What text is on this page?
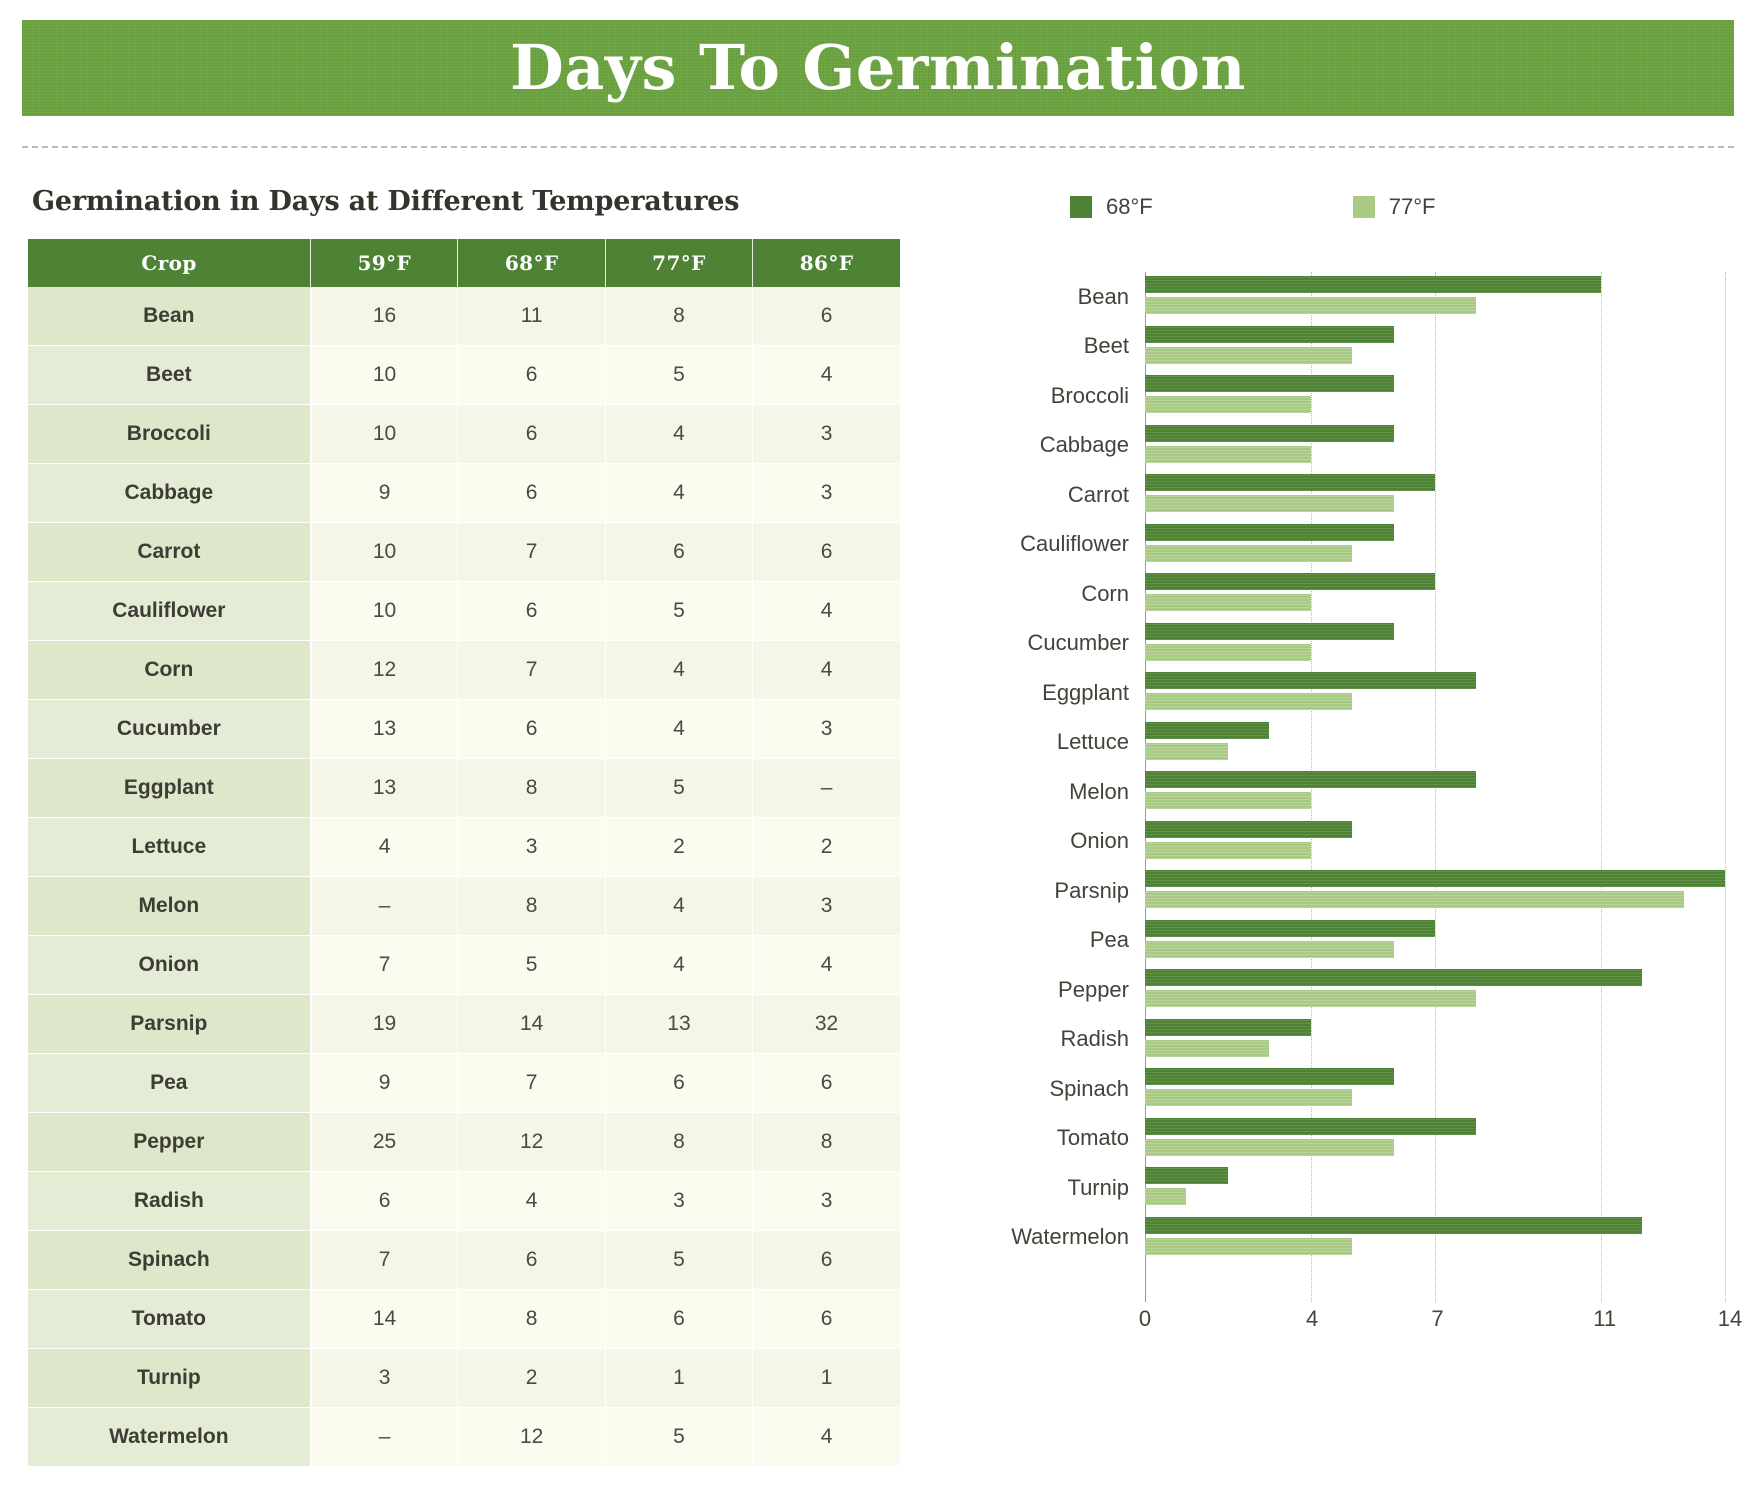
Days To Germination
Germination in Days at Different Temperatures
Crop	59°F	68°F	77°F	86°F
Bean	16	11	8	6
Beet	10	6	5	4
Broccoli	10	6	4	3
Cabbage	9	6	4	3
Carrot	10	7	6	6
Cauliflower	10	6	5	4
Corn	12	7	4	4
Cucumber	13	6	4	3
Eggplant	13	8	5	–
Lettuce	4	3	2	2
Melon	–	8	4	3
Onion	7	5	4	4
Parsnip	19	14	13	32
Pea	9	7	6	6
Pepper	25	12	8	8
Radish	6	4	3	3
Spinach	7	6	5	6
Tomato	14	8	6	6
Turnip	3	2	1	1
Watermelon	–	12	5	4
68°F	77°F
Bean
Beet
Broccoli
Cabbage
Carrot
Cauliflower
Corn
Cucumber
Eggplant
Lettuce
Melon
Onion
Parsnip
Pea
Pepper
Radish
Spinach
Tomato
Turnip
Watermelon
0	4	7	11	14
